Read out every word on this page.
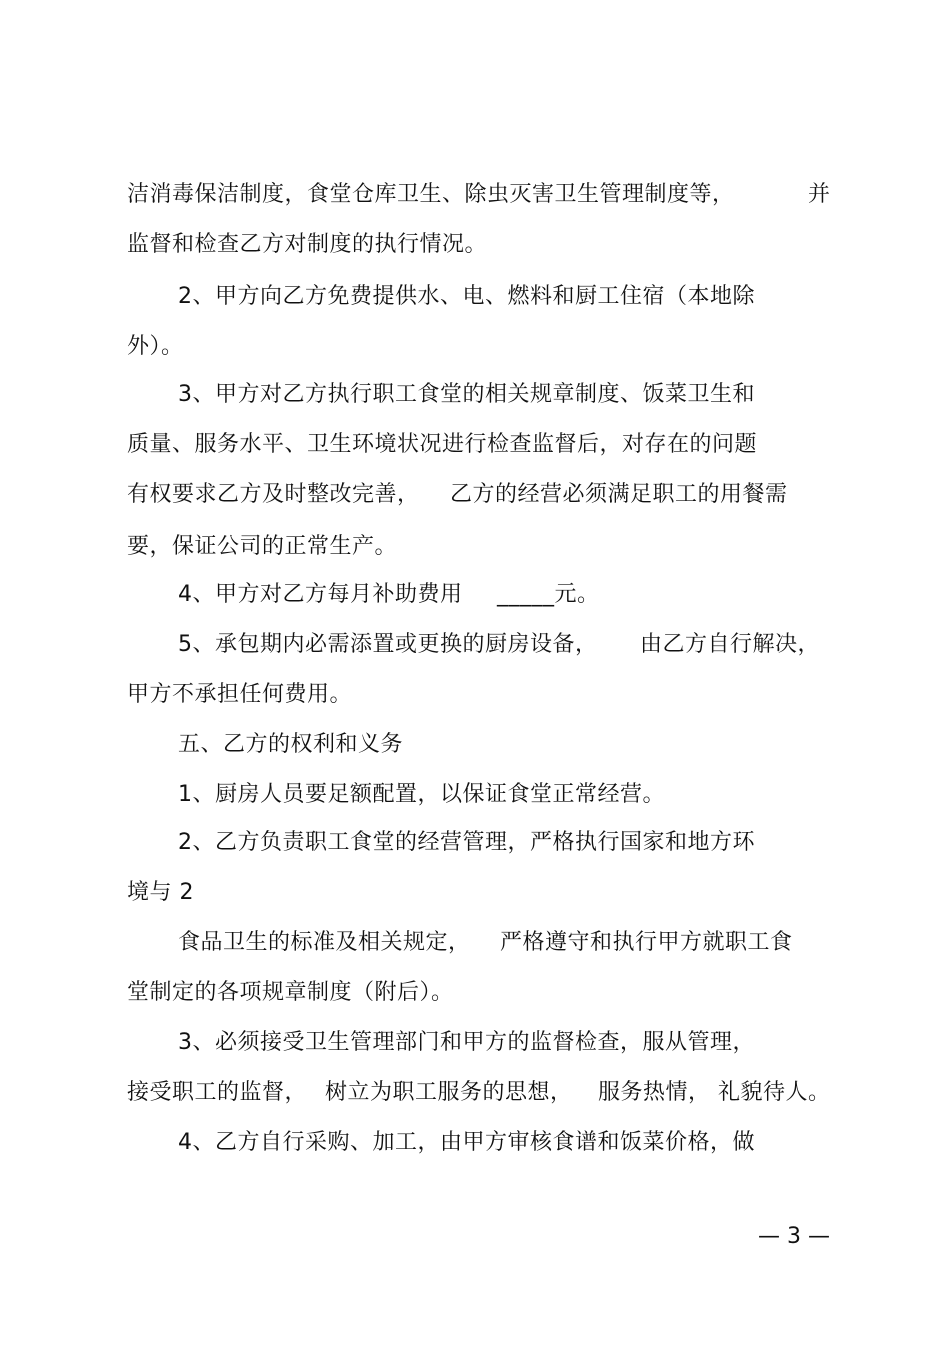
洁消毒保洁制度，食堂仓库卫生、除虫灭害卫生管理制度等，	并
监督和检查乙方对制度的执行情况。
2、甲方向乙方免费提供水、电、燃料和厨工住宿（本地除
外）。
3、甲方对乙方执行职工食堂的相关规章制度、饭菜卫生和
质量、服务水平、卫生环境状况进行检查监督后，对存在的问题
有权要求乙方及时整改完善， 乙方的经营必须满足职工的用餐需
要，保证公司的正常生产。
4、甲方对乙方每月补助费用 _____元。
5、承包期内必需添置或更换的厨房设备， 由乙方自行解决，
甲方不承担任何费用。
五、乙方的权利和义务
1、厨房人员要足额配置，以保证食堂正常经营。
2、乙方负责职工食堂的经营管理，严格执行国家和地方环
境与 2
食品卫生的标准及相关规定， 严格遵守和执行甲方就职工食
堂制定的各项规章制度（附后）。
3、必须接受卫生管理部门和甲方的监督检查，服从管理，
接受职工的监督， 树立为职工服务的思想， 服务热情， 礼貌待人。
4、乙方自行采购、加工，由甲方审核食谱和饭菜价格，做
— 3 —
